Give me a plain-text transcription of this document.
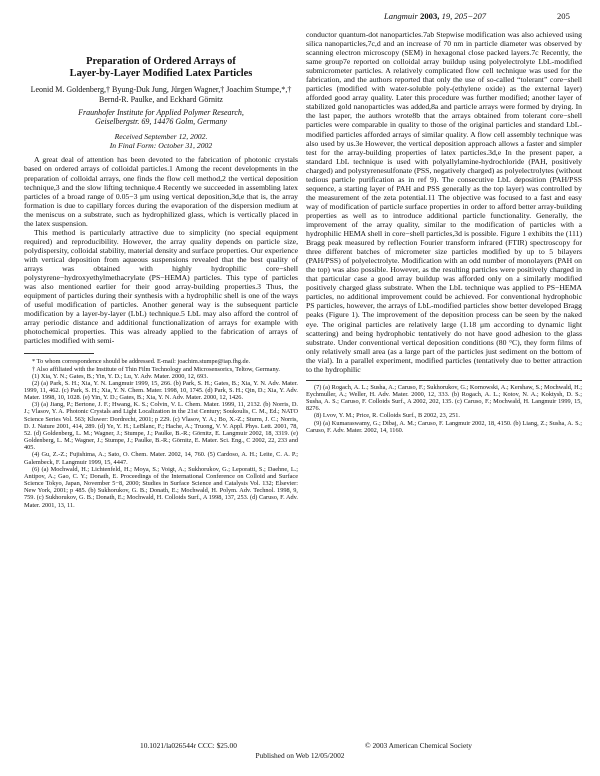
Langmuir 2003, 19, 205−207	205
Preparation of Ordered Arrays of
Layer-by-Layer Modified Latex Particles
Leonid M. Goldenberg,† Byung-Duk Jung, Jürgen Wagner,† Joachim Stumpe,*,† Bernd-R. Paulke, and Eckhard Görnitz
Fraunhofer Institute for Applied Polymer Research,
Geiselbergstr. 69, 14476 Golm, Germany
Received September 12, 2002.
In Final Form: October 31, 2002

A great deal of attention has been devoted to the fabrication of photonic crystals based on ordered arrays of colloidal particles.1 Among the recent developments in the preparation of colloidal arrays, one finds the flow cell method,2 the vertical deposition technique,3 and the slow lifting technique.4 Recently we succeeded in assembling latex particles of a broad range of 0.05−3 μm using vertical deposition,3d,e that is, the array formation is due to capillary forces during the evaporation of the dispersion medium at the meniscus on a substrate, such as hydrophilized glass, which is vertically placed in the latex suspension.

This method is particularly attractive due to simplicity (no special equipment required) and reproducibility. However, the array quality depends on particle size, polydispersity, colloidal stability, material density and surface properties. Our experience with vertical deposition from aqueous suspensions revealed that the best quality of arrays was obtained with highly hydrophilic core−shell polystyrene−hydroxyethylmethacrylate (PS−HEMA) particles. This type of particles was also mentioned earlier for their good array-building properties.3 Thus, the equipment of particles during their synthesis with a hydrophilic shell is one of the ways of useful modification of particles. Another general way is the subsequent particle modification by a layer-by-layer (LbL) technique.5 LbL may also afford the control of array periodic distance and additional functionalization of arrays for example with photochemical properties. This was already applied to the fabrication of arrays of particles modified with semi-

* To whom correspondence should be addressed. E-mail: joachim.stumpe@iap.fhg.de.

† Also affiliated with the Institute of Thin Film Technology and Microsensorics, Teltow, Germany.

(1) Xia, Y. N.; Gates, B.; Yin, Y. D.; Lu, Y. Adv. Mater. 2000, 12, 693.

(2) (a) Park, S. H.; Xia, Y. N. Langmuir 1999, 15, 266. (b) Park, S. H.; Gates, B.; Xia, Y. N. Adv. Mater. 1999, 11, 462. (c) Park, S. H.; Xia, Y. N. Chem. Mater. 1998, 10, 1745. (d) Park, S. H.; Qin, D.; Xia, Y. Adv. Mater. 1998, 10, 1028. (e) Yin, Y. D.; Gates, B.; Xia, Y. N. Adv. Mater. 2000, 12, 1426.

(3) (a) Jiang, P.; Bertone, J. F.; Hwang, K. S.; Colvin, V. L. Chem. Mater. 1999, 11, 2132. (b) Norris, D. J.; Vlasov, Y. A. Photonic Crystals and Light Localization in the 21st Century; Soukoulis, C. M., Ed.; NATO Science Series Vol. 563; Kluwer: Dordrecht, 2001; p 229. (c) Vlasov, Y. A.; Bo, X.-Z.; Sturm, J. C.; Norris, D. J. Nature 2001, 414, 289. (d) Ye, Y. H.; LeBlanc, F.; Hache, A.; Truong, V. V. Appl. Phys. Lett. 2001, 78, 52. (d) Goldenberg, L. M.; Wagner, J.; Stumpe, J.; Paulke, B.-R.; Görnitz, E. Langmuir 2002, 18, 3319. (e) Goldenberg, L. M.; Wagner, J.; Stumpe, J.; Paulke, B.-R.; Görnitz, E. Mater. Sci. Eng., C 2002, 22, 233 and 405.

(4) Gu, Z.-Z.; Fujishima, A.; Sato, O. Chem. Mater. 2002, 14, 760. (5) Cardoso, A. H.; Leite, C. A. P.; Galembeck, F. Langmuir 1999, 15, 4447.

(6) (a) Mochwald, H.; Lichtenfeld, H.; Moya, S.; Voigt, A.; Sukhorukov, G.; Leporatti, S.; Daehne, L.; Antipov, A.; Gao, C. Y.; Donath, E. Proceedings of the International Conference on Colloid and Surface Science Tokyo, Japan, November 5−8, 2000; Studies in Surface Science and Catalysis Vol. 132; Elsevier: New York, 2001; p 485. (b) Sukhorukov, G. B.; Donath, E.; Mochwald, H. Polym. Adv. Technol. 1998, 9, 759. (c) Sukhorukov, G. B.; Donath, E.; Mochwald, H. Colloids Surf., A 1998, 137, 253. (d) Caruso, F. Adv. Mater. 2001, 13, 11.

conductor quantum-dot nanoparticles.7ab Stepwise modification was also achieved using silica nanoparticles,7c,d and an increase of 70 nm in particle diameter was observed by scanning electron microscopy (SEM) in hexagonal close packed layers.7c Recently, the same group7e reported on colloidal array buildup using polyelectrolyte LbL-modified submicrometer particles. A relatively complicated flow cell technique was used for the fabrication, and the authors reported that only the use of so-called “tolerant” core−shell particles (modified with water-soluble poly-(ethylene oxide) as the external layer) afforded good array quality. Later this procedure was further modified; another layer of stabilized gold nanoparticles was added,8a and particle arrays were formed by drying. In the last paper, the authors wrote8b that the arrays obtained from tolerant core−shell particles were comparable in quality to those of the original particles and standard LbL-modified particles afforded arrays of similar quality. A flow cell assembly technique was also used by us.3e However, the vertical deposition approach allows a faster and simpler test for the array-building properties of latex particles.3d,e In the present paper, a standard LbL technique is used with polyallylamine-hydrochloride (PAH, positively charged) and polystyrenesulfonate (PSS, negatively charged) as polyelectrolytes (without tedious particle purification as in ref 9). The consecutive LbL deposition (PAH/PSS sequence, a starting layer of PAH and PSS generally as the top layer) was controlled by the measurement of the zeta potential.11 The objective was focused to a fast and easy way of modification of particle surface properties in order to afford better array-building properties as well as to introduce additional particle functionality. Generally, the improvement of the array quality, similar to the modification of particles with a hydrophilic HEMA shell in core−shell particles,3d is possible. Figure 1 exhibits the (111) Bragg peak measured by reflection Fourier transform infrared (FTIR) spectroscopy for three different batches of micrometer size particles modified by up to 5 bilayers (PAH/PSS) of polyelectrolyte. Modification with an odd number of monolayers (PAH on the top) was also possible. However, as the resulting particles were positively charged in that particular case a good array buildup was afforded only on a similarly modified positively charged glass substrate. When the LbL technique was applied to PS−HEMA particles, no additional improvement could be achieved. For conventional hydrophobic PS particles, however, the arrays of LbL-modified particles show better developed Bragg peaks (Figure 1). The improvement of the deposition process can be seen by the naked eye. The original particles are relatively large (1.18 μm according to dynamic light scattering) and being hydrophobic tentatively do not have good adhesion to the glass substrate. Under conventional vertical deposition conditions (80 °C), they form films of only relatively small area (as a large part of the particles just sediment on the bottom of the vial). In a parallel experiment, modified particles (tentatively due to better attraction to the hydrophilic

(7) (a) Rogach, A. L.; Susha, A.; Caruso, F.; Sukhorukov, G.; Kornowski, A.; Kershaw, S.; Mochwald, H.; Eychmuller, A.; Weller, H. Adv. Mater. 2000, 12, 333. (b) Rogach, A. L.; Kotov, N. A.; Koktysh, D. S.; Susha, A. S.; Caruso, F. Colloids Surf., A 2002, 202, 135. (c) Caruso, F.; Mochwald, H. Langmuir 1999, 15, 8276.

(8) Lvov, Y. M.; Price, R. Colloids Surf., B 2002, 23, 251.

(9) (a) Kumaraswamy, G.; Dibaj, A. M.; Caruso, F. Langmuir 2002, 18, 4150. (b) Liang, Z.; Susha, A. S.; Caruso, F. Adv. Mater. 2002, 14, 1160.

10.1021/la026544r CCC: $25.00	© 2003 American Chemical Society
Published on Web 12/05/2002
